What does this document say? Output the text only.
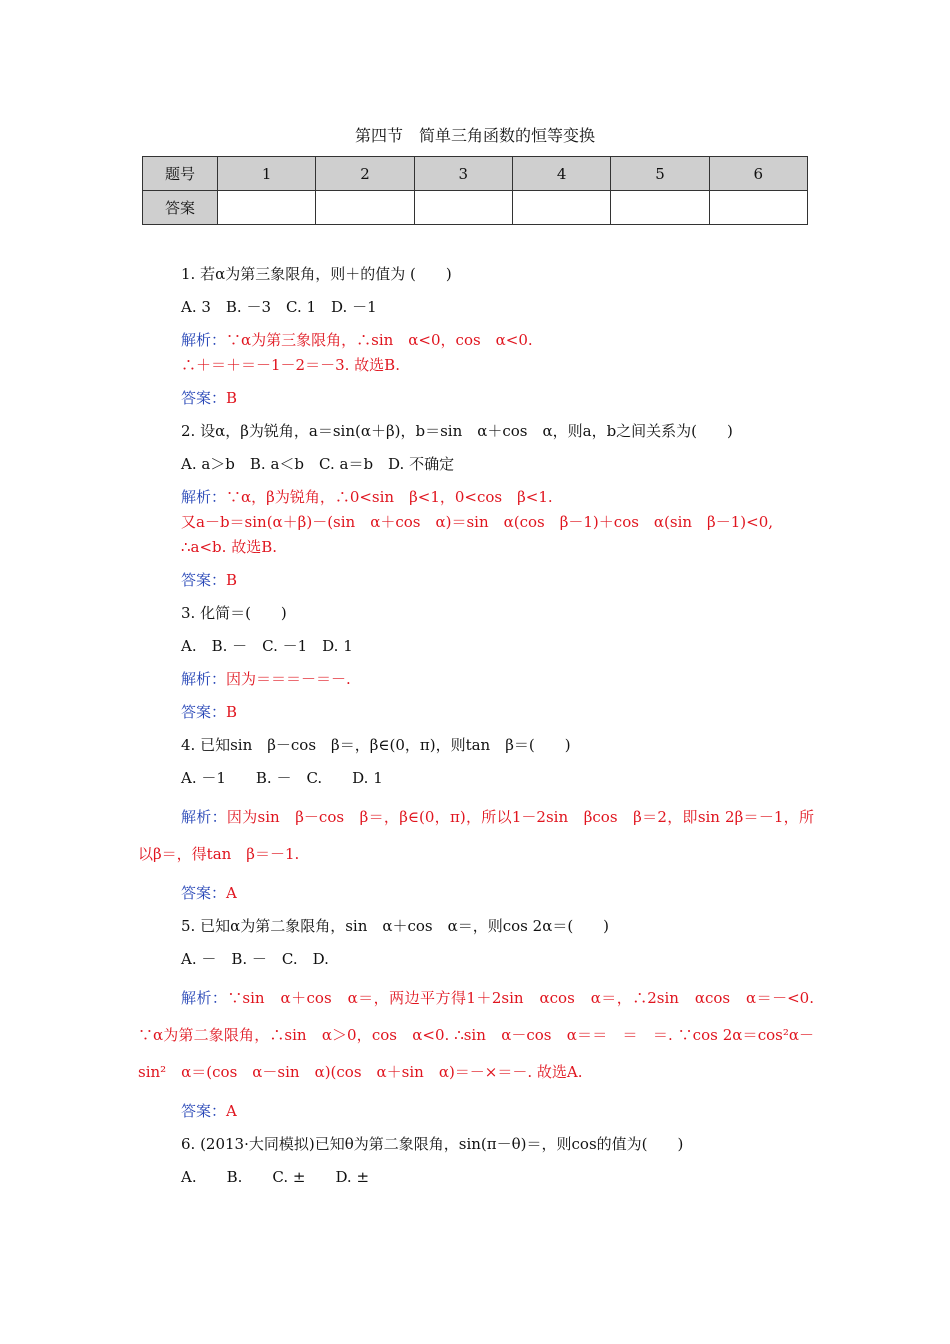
第四节　简单三角函数的恒等变换
题号	1	2	3	4	5	6
答案						
1. 若α为第三象限角，则＋的值为 (　　)
A. 3　B. －3　C. 1　D. －1
解析：∵α为第三象限角，∴sin　α<0，cos　α<0.
∴＋＝＋＝－1－2＝－3. 故选B.
答案：B
2. 设α，β为锐角，a＝sin(α＋β)，b＝sin　α＋cos　α，则a，b之间关系为(　　)
A. a＞b　B. a＜b　C. a＝b　D. 不确定
解析：∵α，β为锐角，∴0<sin　β<1，0<cos　β<1.
又a－b＝sin(α＋β)－(sin　α＋cos　α)＝sin　α(cos　β－1)＋cos　α(sin　β－1)<0,
∴a<b. 故选B.
答案：B
3. 化简＝(　　)
A.　B. －　C. －1　D. 1
解析：因为＝＝＝－＝－.
答案：B
4. 已知sin　β－cos　β＝，β∈(0，π)，则tan　β＝(　　)
A. －1　　B. －　C.　　D. 1
解析：因为sin　β－cos　β＝，β∈(0，π)，所以1－2sin　βcos　β＝2，即sin 2β＝－1，所以β＝，得tan　β＝－1.
答案：A
5. 已知α为第二象限角，sin　α＋cos　α＝，则cos 2α＝(　　)
A. －　B. －　C.　D.
解析：∵sin　α＋cos　α＝，两边平方得1＋2sin　αcos　α＝，∴2sin　αcos　α＝－<0. ∵α为第二象限角，∴sin　α＞0，cos　α<0. ∴sin　α－cos　α＝＝　＝　＝. ∵cos 2α＝cos²α－sin²　α＝(cos　α－sin　α)(cos　α＋sin　α)＝－×＝－. 故选A.
答案：A
6. (2013·大同模拟)已知θ为第二象限角，sin(π－θ)＝，则cos的值为(　　)
A.　　B.　　C. ±　　D. ±
